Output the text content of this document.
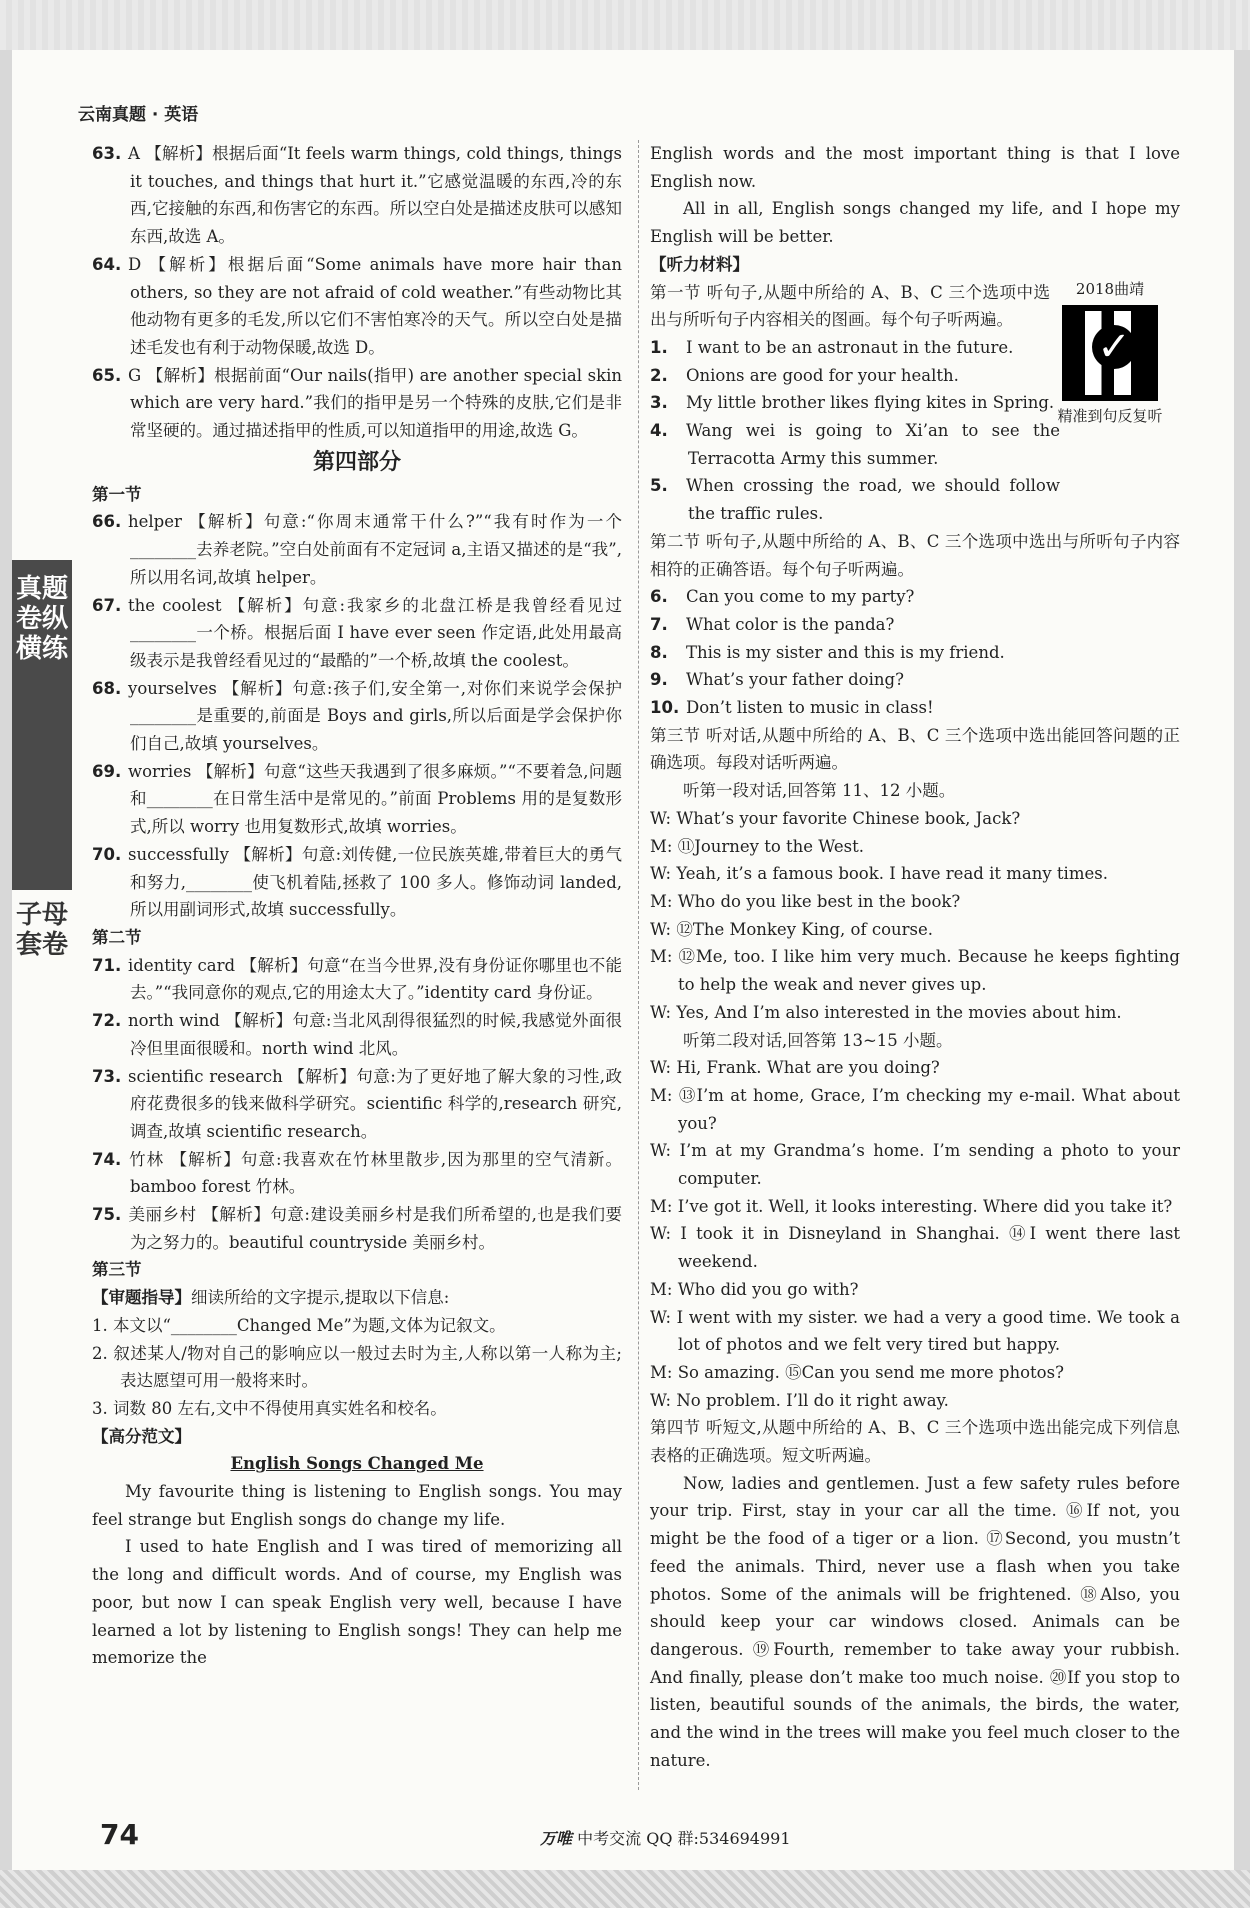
云南真题 · 英语
真题卷纵横练
子母套卷

63. A 【解析】根据后面“It feels warm things, cold things, things it touches, and things that hurt it.”它感觉温暖的东西,冷的东西,它接触的东西,和伤害它的东西。所以空白处是描述皮肤可以感知东西,故选 A。

64. D 【解析】根据后面“Some animals have more hair than others, so they are not afraid of cold weather.”有些动物比其他动物有更多的毛发,所以它们不害怕寒冷的天气。所以空白处是描述毛发也有利于动物保暖,故选 D。

65. G 【解析】根据前面“Our nails(指甲) are another special skin which are very hard.”我们的指甲是另一个特殊的皮肤,它们是非常坚硬的。通过描述指甲的性质,可以知道指甲的用途,故选 G。

第四部分

第一节

66. helper 【解析】句意:“你周末通常干什么?”“我有时作为一个________去养老院。”空白处前面有不定冠词 a,主语又描述的是“我”,所以用名词,故填 helper。

67. the coolest 【解析】句意:我家乡的北盘江桥是我曾经看见过________一个桥。根据后面 I have ever seen 作定语,此处用最高级表示是我曾经看见过的“最酷的”一个桥,故填 the coolest。

68. yourselves 【解析】句意:孩子们,安全第一,对你们来说学会保护________是重要的,前面是 Boys and girls,所以后面是学会保护你们自己,故填 yourselves。

69. worries 【解析】句意“这些天我遇到了很多麻烦。”“不要着急,问题和________在日常生活中是常见的。”前面 Problems 用的是复数形式,所以 worry 也用复数形式,故填 worries。

70. successfully 【解析】句意:刘传健,一位民族英雄,带着巨大的勇气和努力,________使飞机着陆,拯救了 100 多人。修饰动词 landed,所以用副词形式,故填 successfully。

第二节

71. identity card 【解析】句意“在当今世界,没有身份证你哪里也不能去。”“我同意你的观点,它的用途太大了。”identity card 身份证。

72. north wind 【解析】句意:当北风刮得很猛烈的时候,我感觉外面很冷但里面很暖和。north wind 北风。

73. scientific research 【解析】句意:为了更好地了解大象的习性,政府花费很多的钱来做科学研究。scientific 科学的,research 研究,调查,故填 scientific research。

74. 竹林 【解析】句意:我喜欢在竹林里散步,因为那里的空气清新。bamboo forest 竹林。

75. 美丽乡村 【解析】句意:建设美丽乡村是我们所希望的,也是我们要为之努力的。beautiful countryside 美丽乡村。

第三节

【审题指导】细读所给的文字提示,提取以下信息:

1. 本文以“________Changed Me”为题,文体为记叙文。

2. 叙述某人/物对自己的影响应以一般过去时为主,人称以第一人称为主;表达愿望可用一般将来时。

3. 词数 80 左右,文中不得使用真实姓名和校名。

【高分范文】

English Songs Changed Me

My favourite thing is listening to English songs. You may feel strange but English songs do change my life.

I used to hate English and I was tired of memorizing all the long and difficult words. And of course, my English was poor, but now I can speak English very well, because I have learned a lot by listening to English songs! They can help me memorize the

English words and the most important thing is that I love English now.

All in all, English songs changed my life, and I hope my English will be better.

【听力材料】

第一节 听句子,从题中所给的 A、B、C 三个选项中选出与所听句子内容相关的图画。每个句子听两遍。

1. I want to be an astronaut in the future.

2. Onions are good for your health.

3. My little brother likes flying kites in Spring.

4. Wang wei is going to Xi’an to see the Terracotta Army this summer.

5. When crossing the road, we should follow the traffic rules.

第二节 听句子,从题中所给的 A、B、C 三个选项中选出与所听句子内容相符的正确答语。每个句子听两遍。

6. Can you come to my party?

7. What color is the panda?

8. This is my sister and this is my friend.

9. What’s your father doing?

10. Don’t listen to music in class!

第三节 听对话,从题中所给的 A、B、C 三个选项中选出能回答问题的正确选项。每段对话听两遍。

听第一段对话,回答第 11、12 小题。

W: What’s your favorite Chinese book, Jack?

M: ⑪Journey to the West.

W: Yeah, it’s a famous book. I have read it many times.

M: Who do you like best in the book?

W: ⑫The Monkey King, of course.

M: ⑫Me, too. I like him very much. Because he keeps fighting to help the weak and never gives up.

W: Yes, And I’m also interested in the movies about him.

听第二段对话,回答第 13~15 小题。

W: Hi, Frank. What are you doing?

M: ⑬I’m at home, Grace, I’m checking my e-mail. What about you?

W: I’m at my Grandma’s home. I’m sending a photo to your computer.

M: I’ve got it. Well, it looks interesting. Where did you take it?

W: I took it in Disneyland in Shanghai. ⑭I went there last weekend.

M: Who did you go with?

W: I went with my sister. we had a very a good time. We took a lot of photos and we felt very tired but happy.

M: So amazing. ⑮Can you send me more photos?

W: No problem. I’ll do it right away.

第四节 听短文,从题中所给的 A、B、C 三个选项中选出能完成下列信息表格的正确选项。短文听两遍。

Now, ladies and gentlemen. Just a few safety rules before your trip. First, stay in your car all the time. ⑯If not, you might be the food of a tiger or a lion. ⑰Second, you mustn’t feed the animals. Third, never use a flash when you take photos. Some of the animals will be frightened. ⑱Also, you should keep your car windows closed. Animals can be dangerous. ⑲Fourth, remember to take away your rubbish. And finally, please don’t make too much noise. ⑳If you stop to listen, beautiful sounds of the animals, the birds, the water, and the wind in the trees will make you feel much closer to the nature.

2018曲靖
✓
精准到句反复听
74	万唯 中考交流 QQ 群:534694991
